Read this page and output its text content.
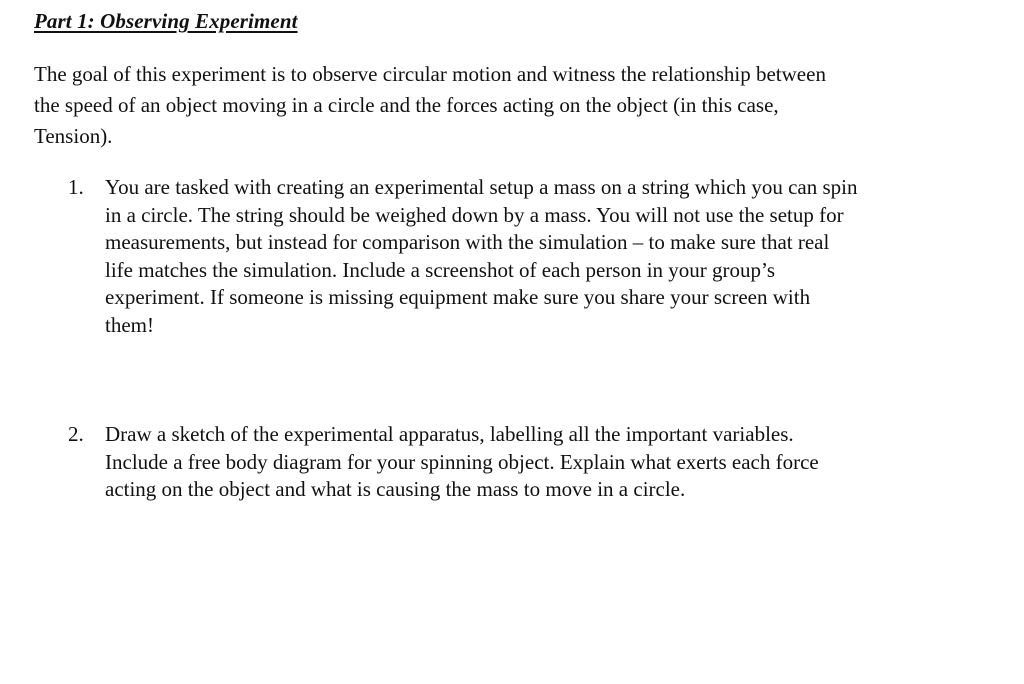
Part 1: Observing Experiment

The goal of this experiment is to observe circular motion and witness the relationship between
the speed of an object moving in a circle and the forces acting on the object (in this case,
Tension).

1. You are tasked with creating an experimental setup a mass on a string which you can spin
in a circle. The string should be weighed down by a mass. You will not use the setup for
measurements, but instead for comparison with the simulation – to make sure that real
life matches the simulation. Include a screenshot of each person in your group’s
experiment. If someone is missing equipment make sure you share your screen with
them!
2. Draw a sketch of the experimental apparatus, labelling all the important variables.
Include a free body diagram for your spinning object. Explain what exerts each force
acting on the object and what is causing the mass to move in a circle.
